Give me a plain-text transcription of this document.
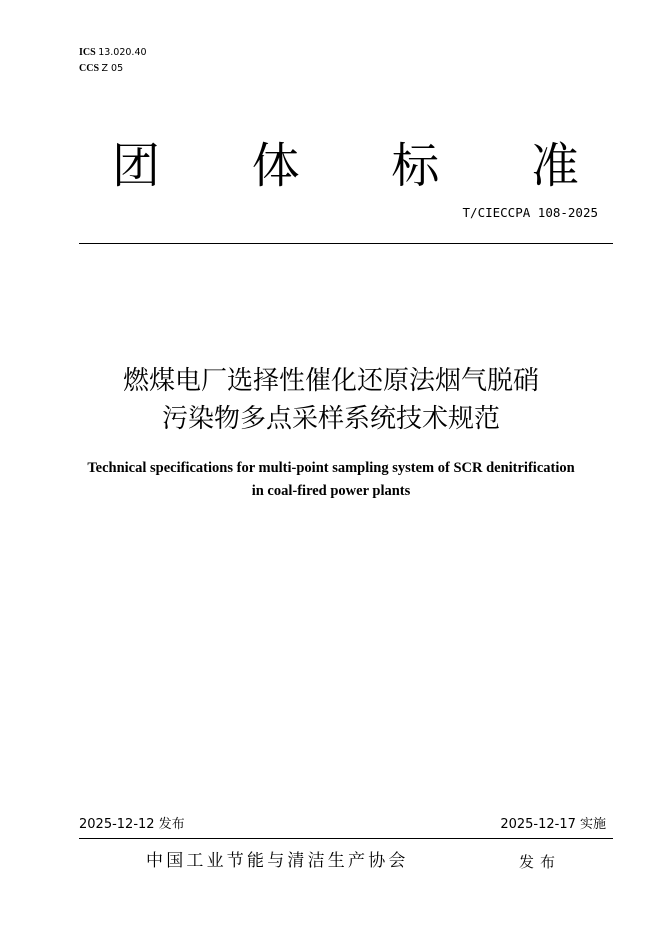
ICS 13.020.40
CCS Z 05
团 体 标 准
T/CIECCPA 108-2025
燃煤电厂选择性催化还原法烟气脱硝
污染物多点采样系统技术规范
Technical specifications for multi-point sampling system of SCR denitrification
in coal-fired power plants
2025-12-12 发布	2025-12-17 实施
中国工业节能与清洁生产协会	发布
